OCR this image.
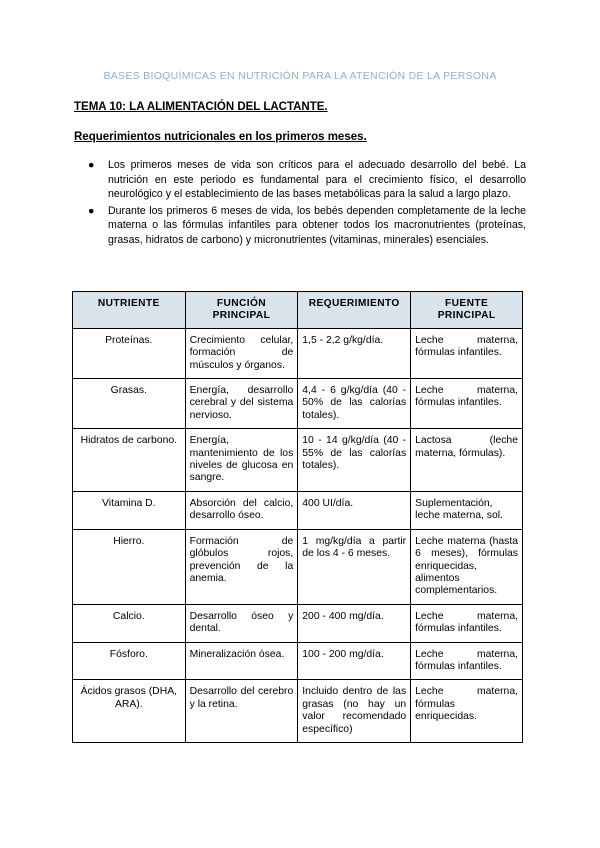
BASES BIOQUÍMICAS EN NUTRICIÓN PARA LA ATENCIÓN DE LA PERSONA
TEMA 10: LA ALIMENTACIÓN DEL LACTANTE.
Requerimientos nutricionales en los primeros meses.
● Los primeros meses de vida son críticos para el adecuado desarrollo del bebé. La nutrición en este periodo es fundamental para el crecimiento físico, el desarrollo neurológico y el establecimiento de las bases metabólicas para la salud a largo plazo.
● Durante los primeros 6 meses de vida, los bebés dependen completamente de la leche materna o las fórmulas infantiles para obtener todos los macronutrientes (proteínas, grasas, hidratos de carbono) y micronutrientes (vitaminas, minerales) esenciales.
NUTRIENTE	FUNCIÓN PRINCIPAL	REQUERIMIENTO	FUENTE PRINCIPAL
Proteínas.	Crecimiento celular, formación de músculos y órganos.	1,5 - 2,2 g/kg/día.	Leche materna, fórmulas infantiles.
Grasas.	Energía, desarrollo cerebral y del sistema nervioso.	4,4 - 6 g/kg/día (40 - 50% de las calorías totales).	Leche materna, fórmulas infantiles.
Hidratos de carbono.	Energía, mantenimiento de los niveles de glucosa en sangre.	10 - 14 g/kg/día (40 - 55% de las calorías totales).	Lactosa (leche materna, fórmulas).
Vitamina D.	Absorción del calcio, desarrollo óseo.	400 UI/día.	Suplementación, leche materna, sol.
Hierro.	Formación de glóbulos rojos, prevención de la anemia.	1 mg/kg/día a partir de los 4 - 6 meses.	Leche materna (hasta 6 meses), fórmulas enriquecidas, alimentos complementarios.
Calcio.	Desarrollo óseo y dental.	200 - 400 mg/día.	Leche materna, fórmulas infantiles.
Fósforo.	Mineralización ósea.	100 - 200 mg/día.	Leche materna, fórmulas infantiles.
Ácidos grasos (DHA, ARA).	Desarrollo del cerebro y la retina.	Incluido dentro de las grasas (no hay un valor recomendado específico)	Leche materna, fórmulas enriquecidas.
